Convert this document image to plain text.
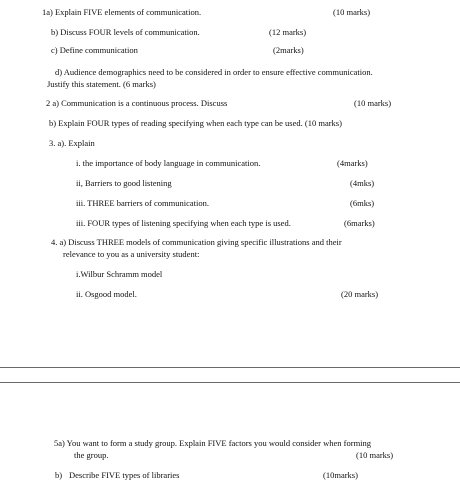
1a) Explain FIVE elements of communication.	(10 marks)
b) Discuss FOUR levels of communication.	(12 marks)
c) Define communication	(2marks)
d) Audience demographics need to be considered in order to ensure effective communication.
Justify this statement. (6 marks)
2 a) Communication is a continuous process. Discuss	(10 marks)
b) Explain FOUR types of reading specifying when each type can be used. (10 marks)
3. a). Explain
i. the importance of body language in communication.	(4marks)
ii, Barriers to good listening	(4mks)
iii. THREE barriers of communication.	(6mks)
iii. FOUR types of listening specifying when each type is used.	(6marks)
4. a) Discuss THREE models of communication giving specific illustrations and their
relevance to you as a university student:
i.Wilbur Schramm model
ii. Osgood model.	(20 marks)
5a) You want to form a study group. Explain FIVE factors you would consider when forming
the group.	(10 marks)
b) Describe FIVE types of libraries	(10marks)
